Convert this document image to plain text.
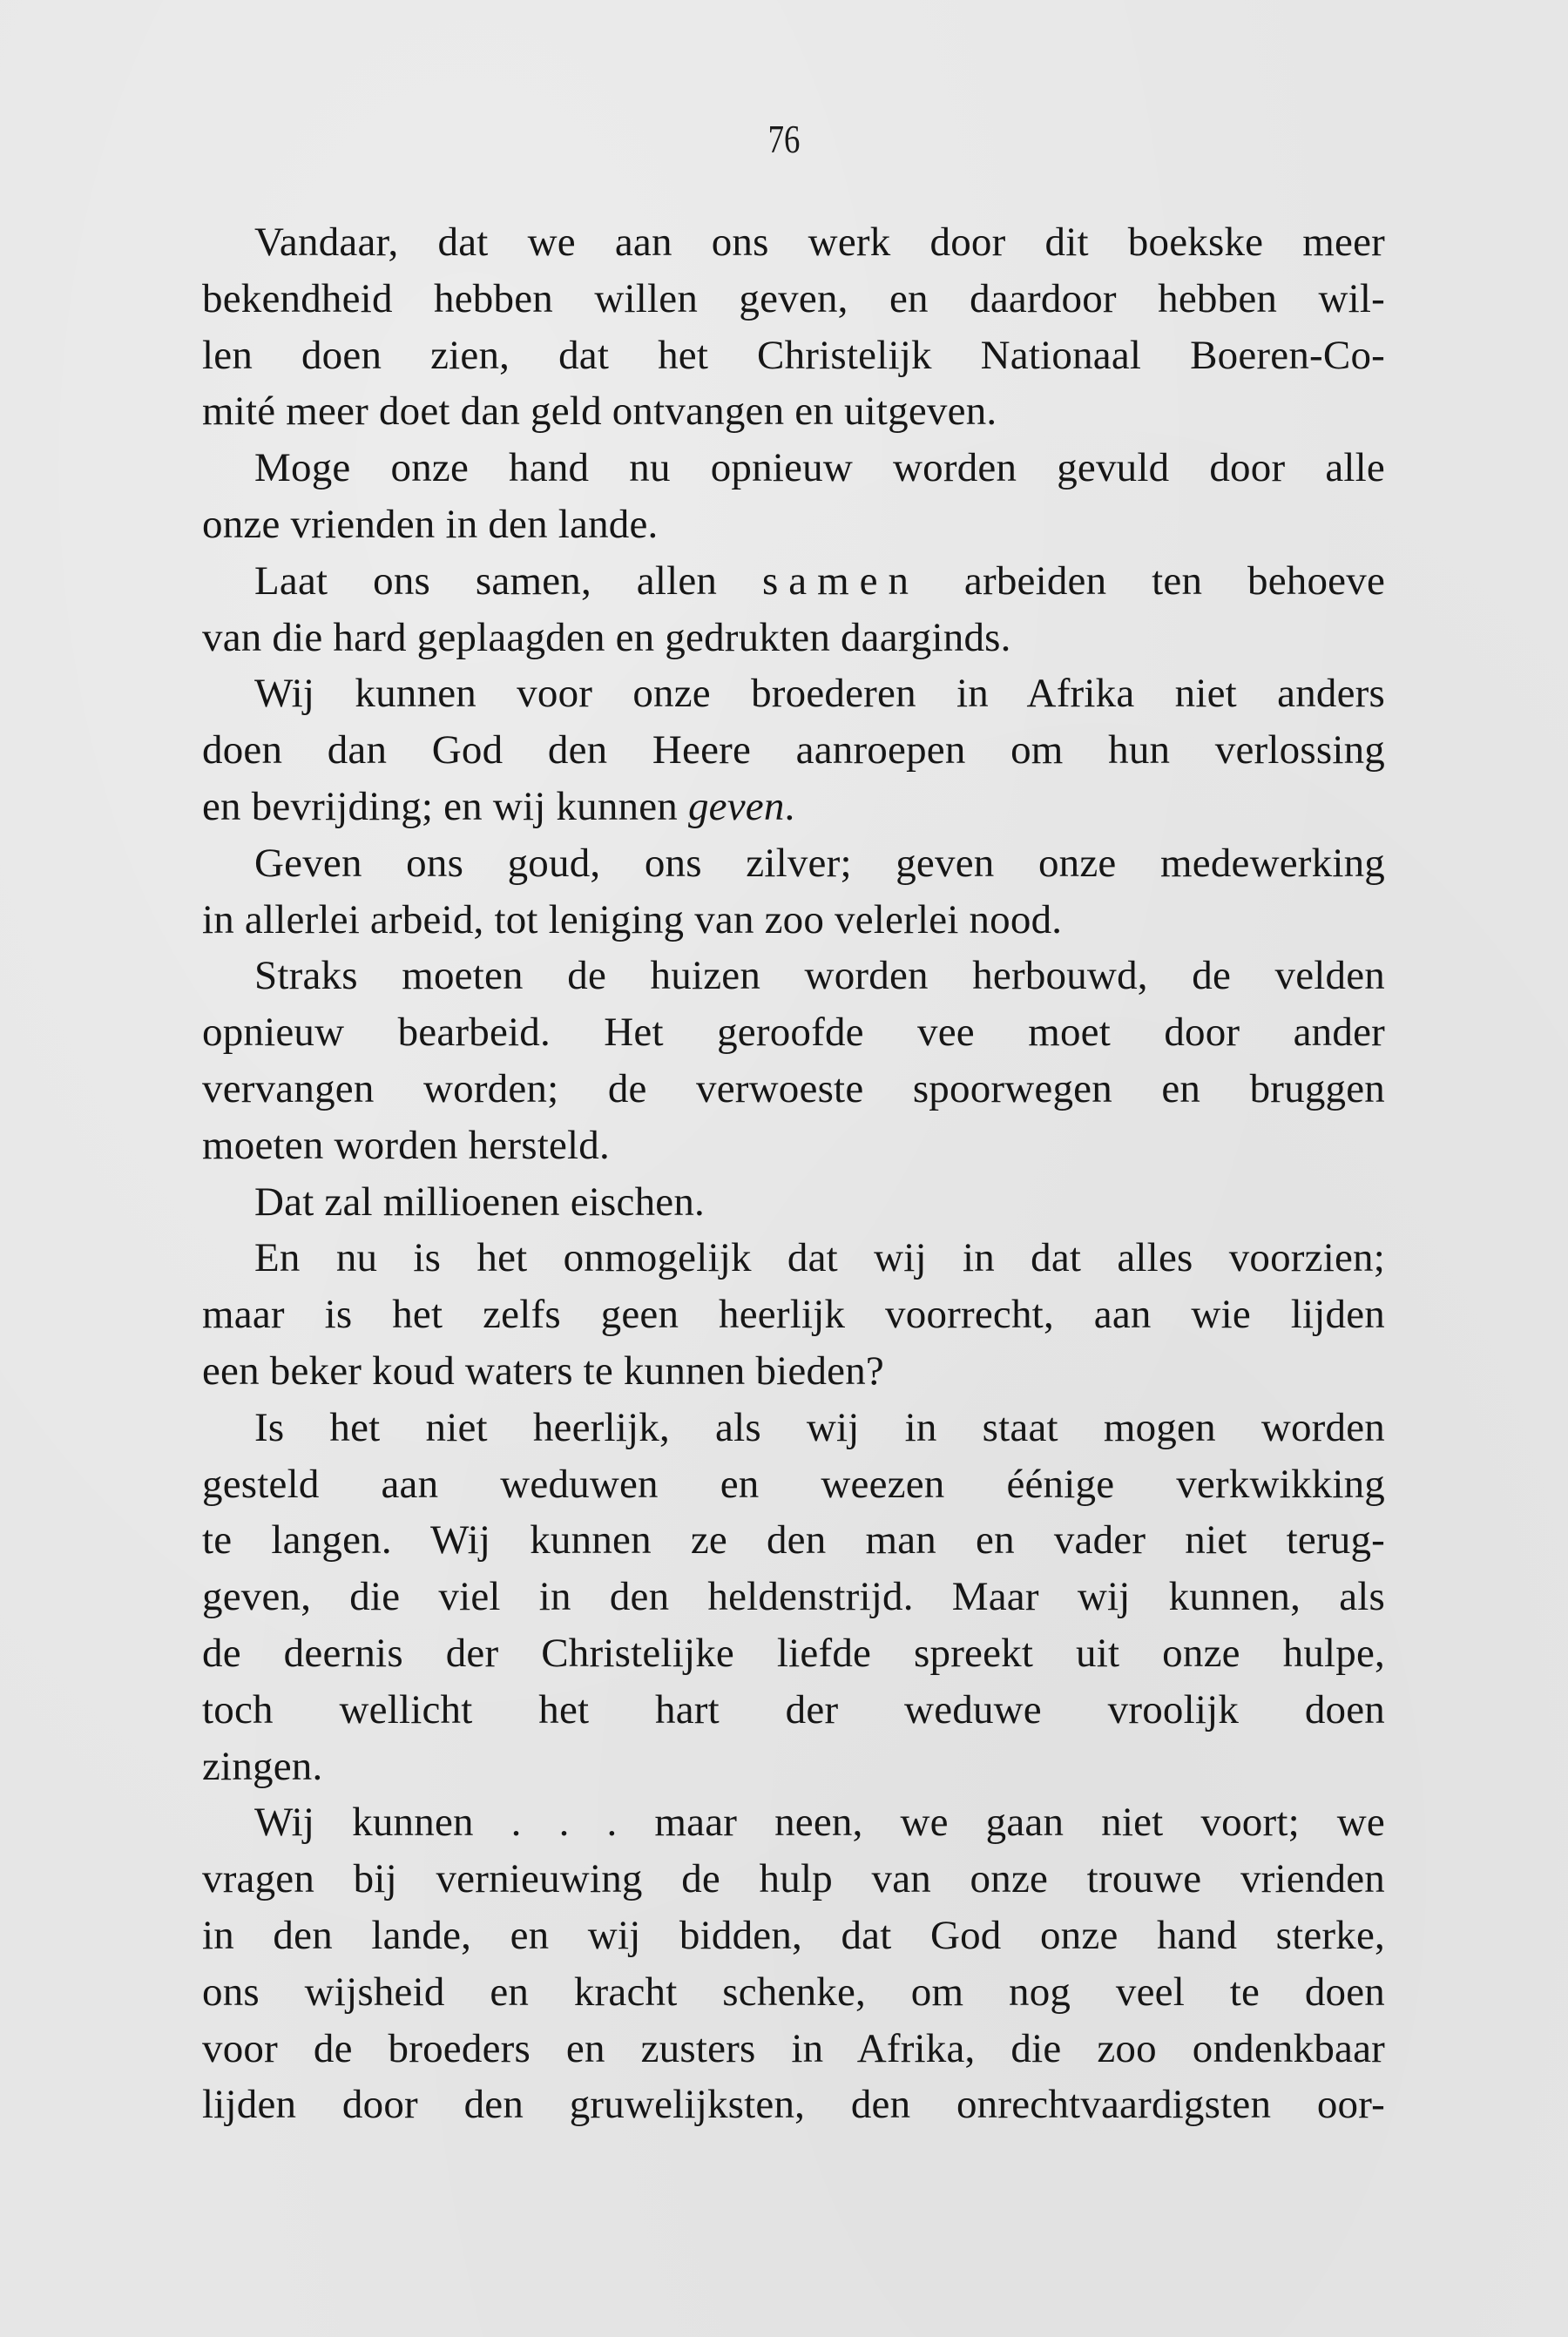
76
Vandaar, dat we aan ons werk door dit boekske meer
bekendheid hebben willen geven, en daardoor hebben wil-
len doen zien, dat het Christelijk Nationaal Boeren-Co-
mité meer doet dan geld ontvangen en uitgeven.
Moge onze hand nu opnieuw worden gevuld door alle
onze vrienden in den lande.
Laat ons samen, allen samen arbeiden ten behoeve
van die hard geplaagden en gedrukten daarginds.
Wij kunnen voor onze broederen in Afrika niet anders
doen dan God den Heere aanroepen om hun verlossing
en bevrijding; en wij kunnen geven.
Geven ons goud, ons zilver; geven onze medewerking
in allerlei arbeid, tot leniging van zoo velerlei nood.
Straks moeten de huizen worden herbouwd, de velden
opnieuw bearbeid. Het geroofde vee moet door ander
vervangen worden; de verwoeste spoorwegen en bruggen
moeten worden hersteld.
Dat zal millioenen eischen.
En nu is het onmogelijk dat wij in dat alles voorzien;
maar is het zelfs geen heerlijk voorrecht, aan wie lijden
een beker koud waters te kunnen bieden?
Is het niet heerlijk, als wij in staat mogen worden
gesteld aan weduwen en weezen éénige verkwikking
te langen. Wij kunnen ze den man en vader niet terug-
geven, die viel in den heldenstrijd. Maar wij kunnen, als
de deernis der Christelijke liefde spreekt uit onze hulpe,
toch wellicht het hart der weduwe vroolijk doen
zingen.
Wij kunnen . . . maar neen, we gaan niet voort; we
vragen bij vernieuwing de hulp van onze trouwe vrienden
in den lande, en wij bidden, dat God onze hand sterke,
ons wijsheid en kracht schenke, om nog veel te doen
voor de broeders en zusters in Afrika, die zoo ondenkbaar
lijden door den gruwelijksten, den onrechtvaardigsten oor-
